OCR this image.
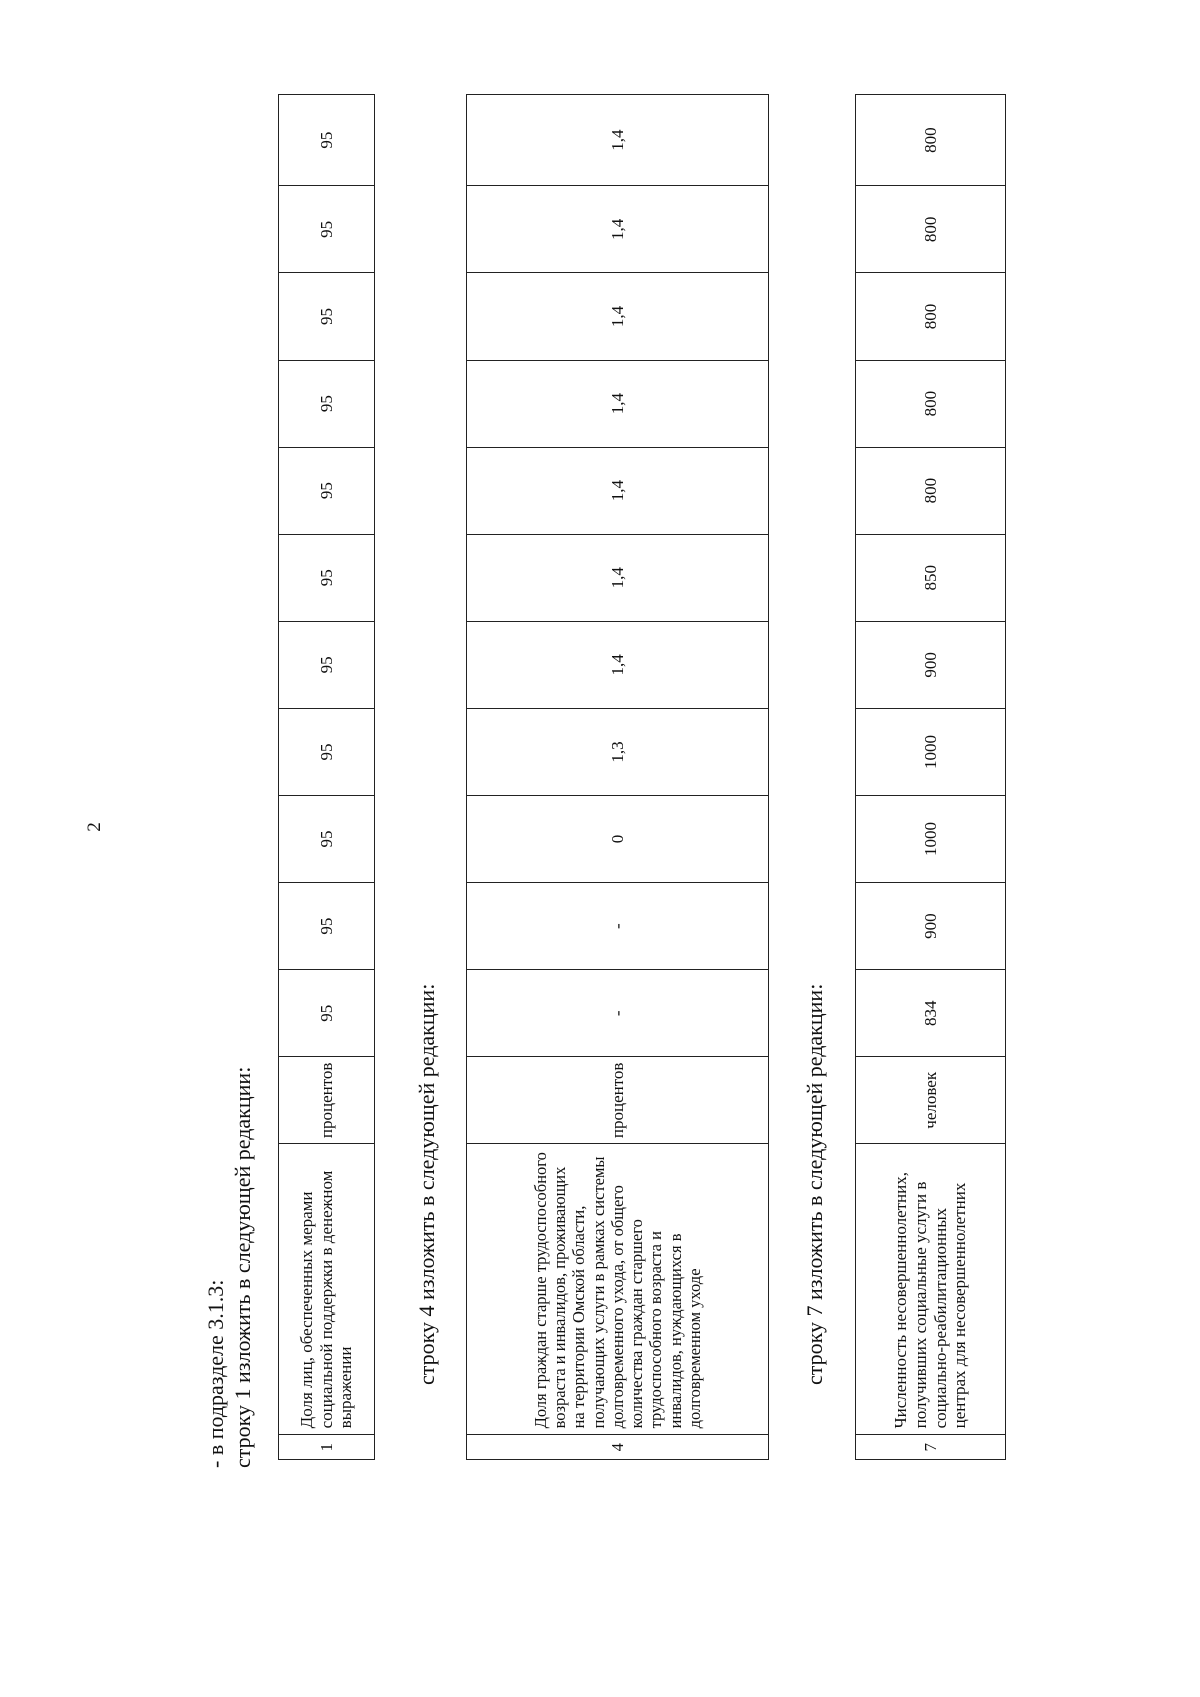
2
- в подразделе 3.1.3: строку 1 изложить в следующей редакции:	1	Доля лиц, обеспеченных мерами социальной поддержки в денежном выражении	процентов	95	95	95	95	95	95	95	95	95	95	95
строку 4 изложить в следующей редакции:
4	Доля граждан старше трудоспособного возраста и инвалидов, проживающих на территории Омской области, получающих услуги в рамках системы долговременного ухода, от общего количества граждан старшего трудоспособного возраста и инвалидов, нуждающихся в долговременном уходе	процентов	-	-	0	1,3	1,4	1,4	1,4	1,4	1,4	1,4	1,4
строку 7 изложить в следующей редакции:
7	Численность несовершеннолетних, получивших социальные услуги в социально-реабилитационных центрах для несовершеннолетних	человек	834	900	1000	1000	900	850	800	800	800	800	800
